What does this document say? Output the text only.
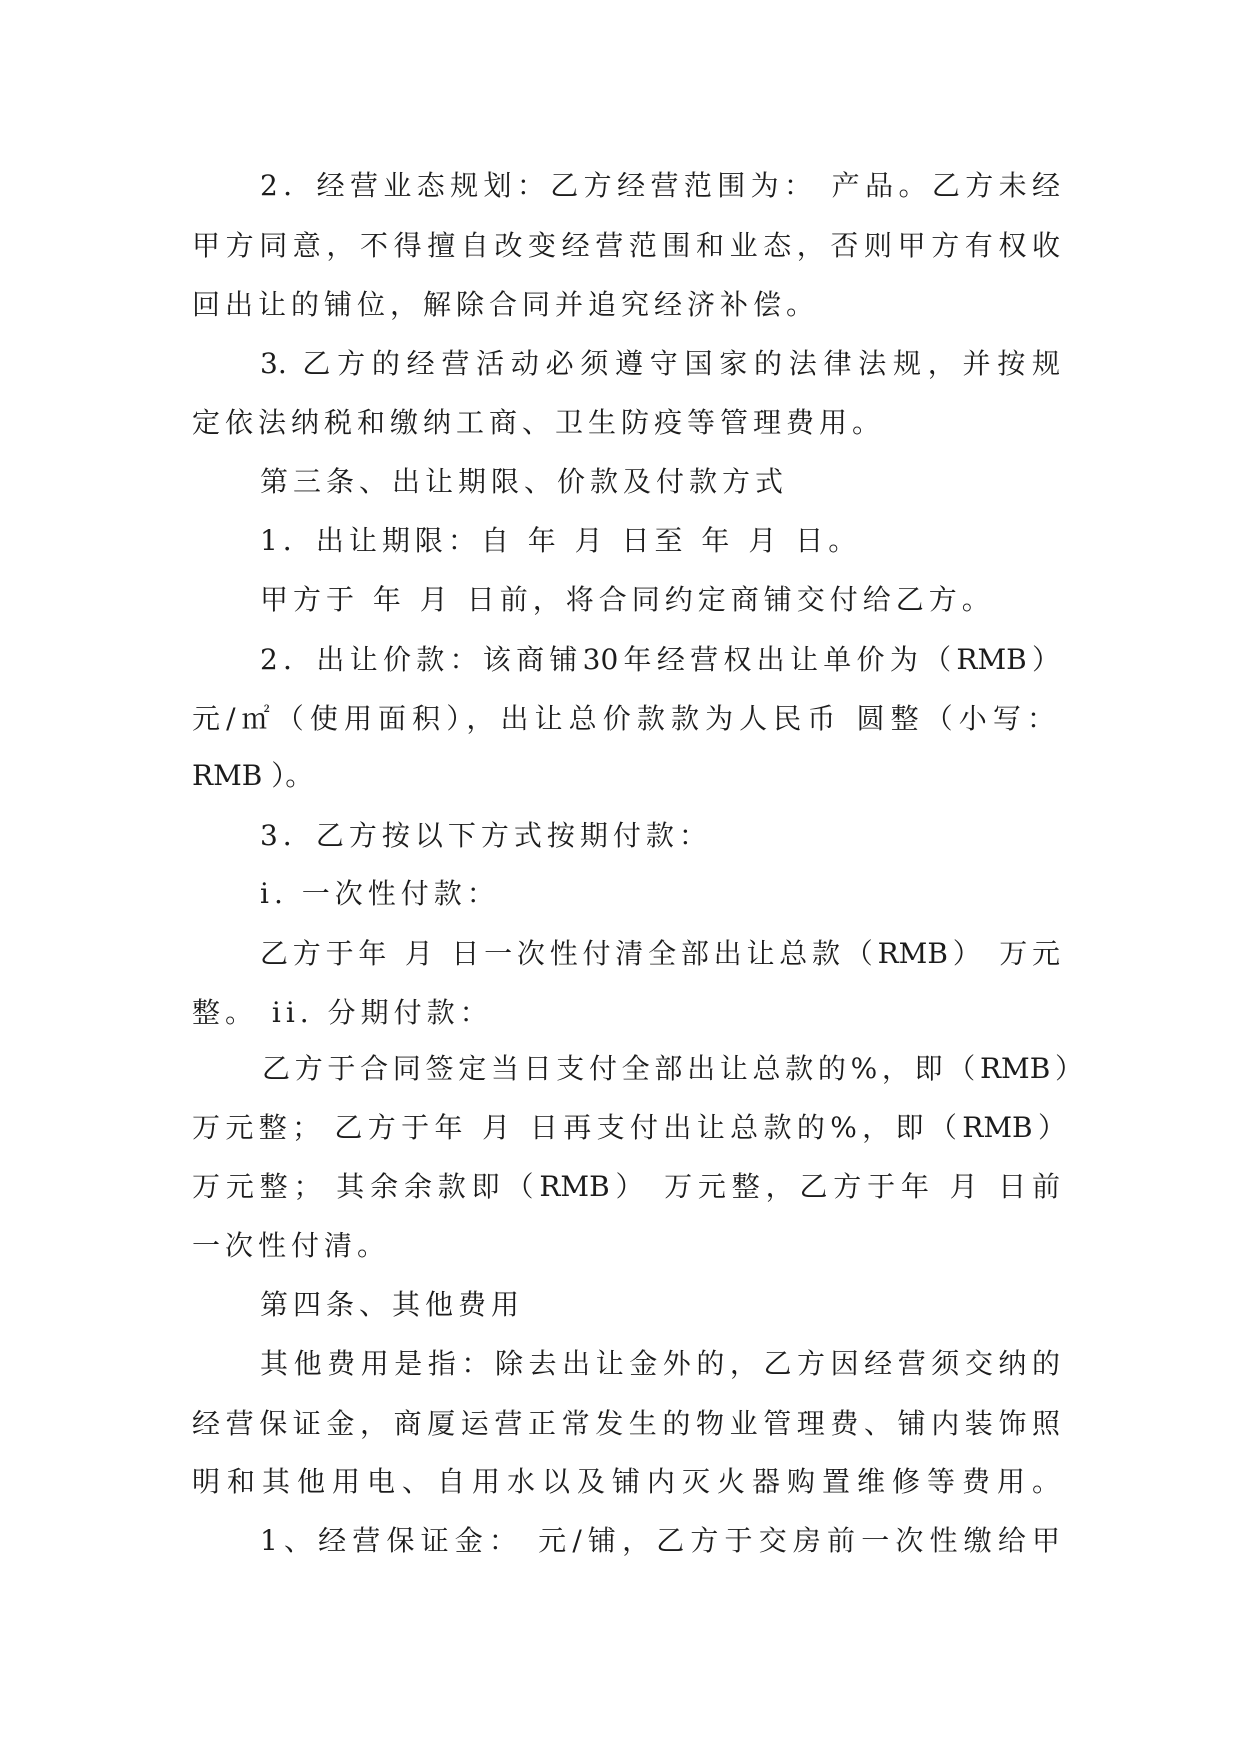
2．经营业态规划：乙方经营范围为： 产品。乙方未经
甲方同意，不得擅自改变经营范围和业态，否则甲方有权收
回出让的铺位，解除合同并追究经济补偿。
3. 乙方的经营活动必须遵守国家的法律法规，并按规
定依法纳税和缴纳工商、卫生防疫等管理费用。
第三条、出让期限、价款及付款方式
1．出让期限：自 年 月 日至 年 月 日。
甲方于 年 月 日前，将合同约定商铺交付给乙方。
2．出让价款：该商铺30年经营权出让单价为（RMB）
元/㎡（使用面积），出让总价款款为人民币 圆整（小写：
RMB ）。
3．乙方按以下方式按期付款：
i. 一次性付款：
乙方于年 月 日一次性付清全部出让总款（RMB） 万元
整。 ii. 分期付款：
乙方于合同签定当日支付全部出让总款的%，即（RMB）
万元整； 乙方于年 月 日再支付出让总款的%，即（RMB）
万元整； 其余余款即（RMB） 万元整，乙方于年 月 日前
一次性付清。
第四条、其他费用
其他费用是指：除去出让金外的，乙方因经营须交纳的
经营保证金，商厦运营正常发生的物业管理费、铺内装饰照
明和其他用电、自用水以及铺内灭火器购置维修等费用。
1、经营保证金： 元/铺，乙方于交房前一次性缴给甲
